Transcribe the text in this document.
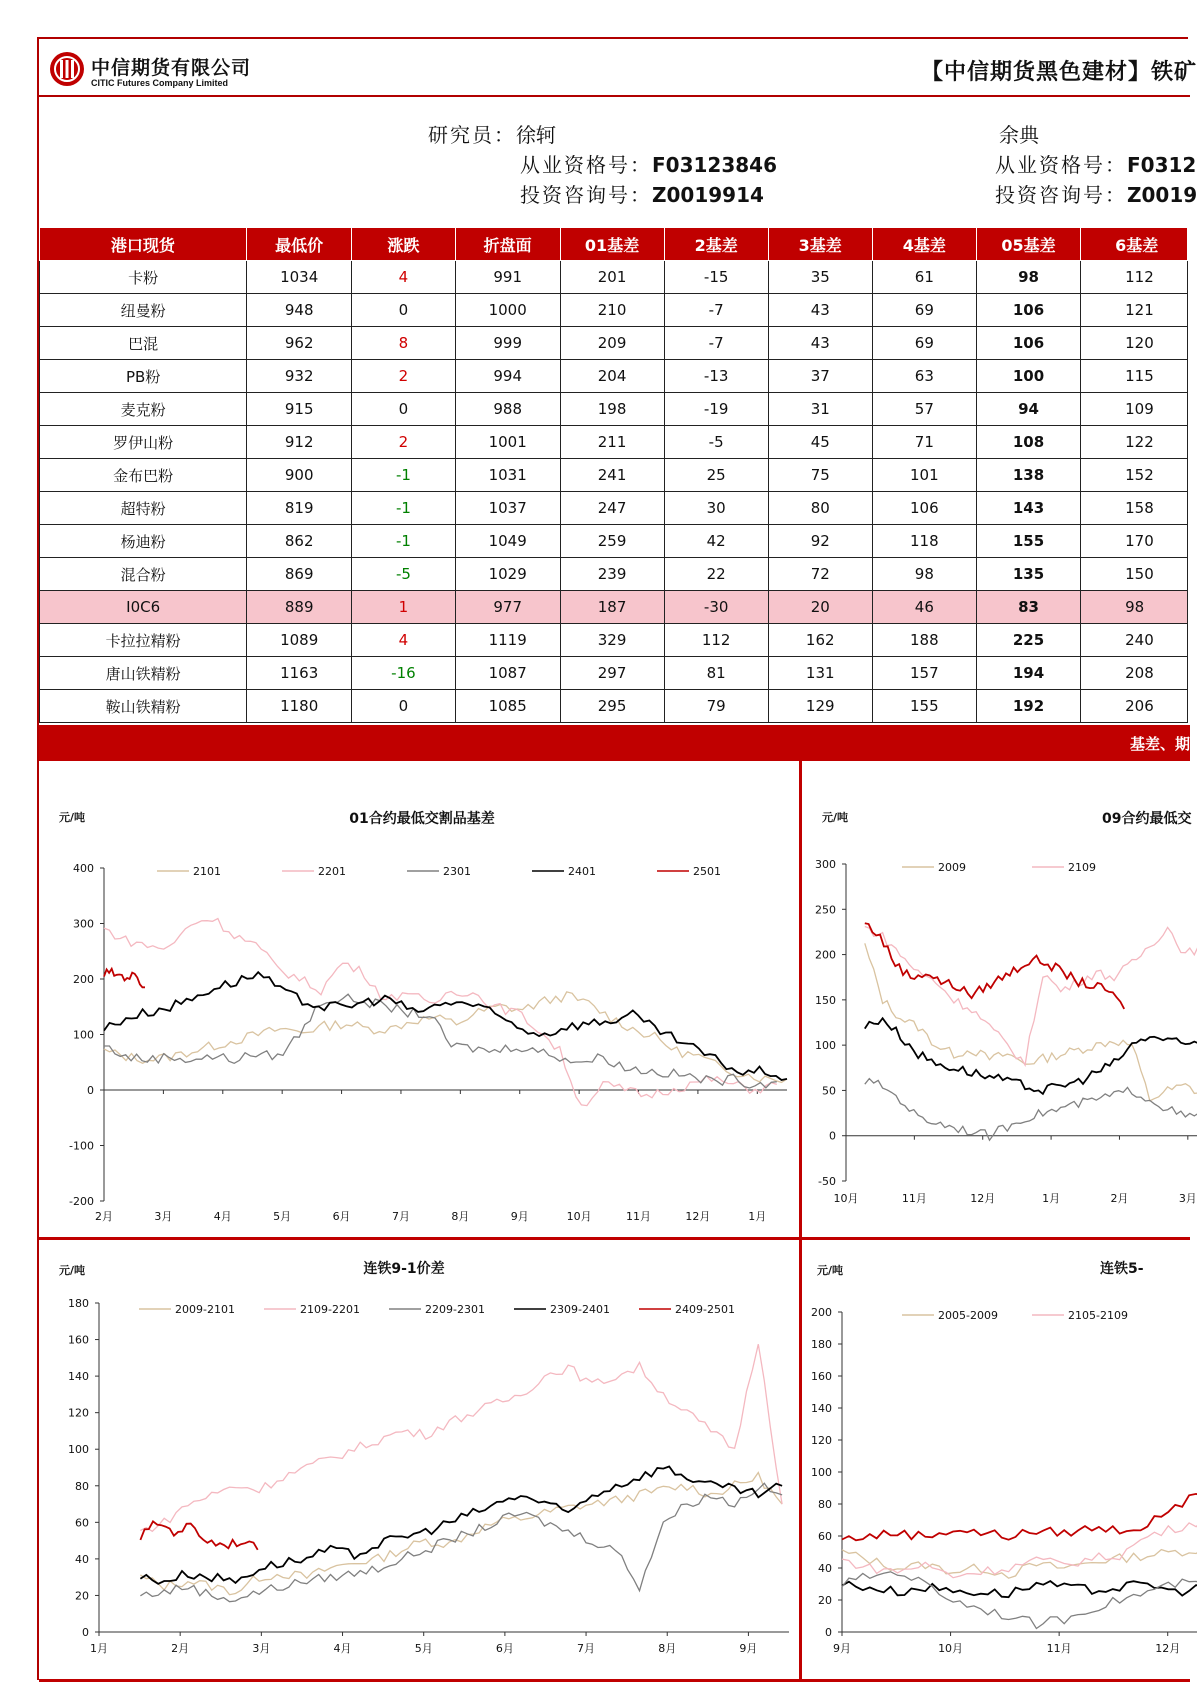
中信期货有限公司
CITIC Futures Company Limited	【中信期货黑色建材】铁矿
研究员：徐轲
从业资格号：F03123846
投资咨询号：Z0019914
余典
从业资格号：F0312
投资咨询号：Z0019
港口现货	最低价	涨跌	折盘面	01基差	2基差	3基差	4基差	05基差	6基差
卡粉	1034	4	991	201	-15	35	61	98	112
纽曼粉	948	0	1000	210	-7	43	69	106	121
巴混	962	8	999	209	-7	43	69	106	120
PB粉	932	2	994	204	-13	37	63	100	115
麦克粉	915	0	988	198	-19	31	57	94	109
罗伊山粉	912	2	1001	211	-5	45	71	108	122
金布巴粉	900	-1	1031	241	25	75	101	138	152
超特粉	819	-1	1037	247	30	80	106	143	158
杨迪粉	862	-1	1049	259	42	92	118	155	170
混合粉	869	-5	1029	239	22	72	98	135	150
I0C6	889	1	977	187	-30	20	46	83	98
卡拉拉精粉	1089	4	1119	329	112	162	188	225	240
唐山铁精粉	1163	-16	1087	297	81	131	157	194	208
鞍山铁精粉	1180	0	1085	295	79	129	155	192	206
基差、期
元/吨	01合约最低交割品基差
-200
-100
0
100
200
300
400
2月	3月	4月	5月	6月	7月	8月	9月	10月	11月	12月	1月
2101	2201	2301	2401	2501
元/吨	09合约最低交
-50
0
50
100
150
200
250
300
10月	11月	12月	1月	2月	3月
2009	2109
元/吨	连铁9-1价差
0
20
40
60
80
100
120
140
160
180
1月	2月	3月	4月	5月	6月	7月	8月	9月
2009-2101	2109-2201	2209-2301	2309-2401	2409-2501
元/吨	连铁5-
0
20
40
60
80
100
120
140
160
180
200
9月	10月	11月	12月
2005-2009	2105-2109
